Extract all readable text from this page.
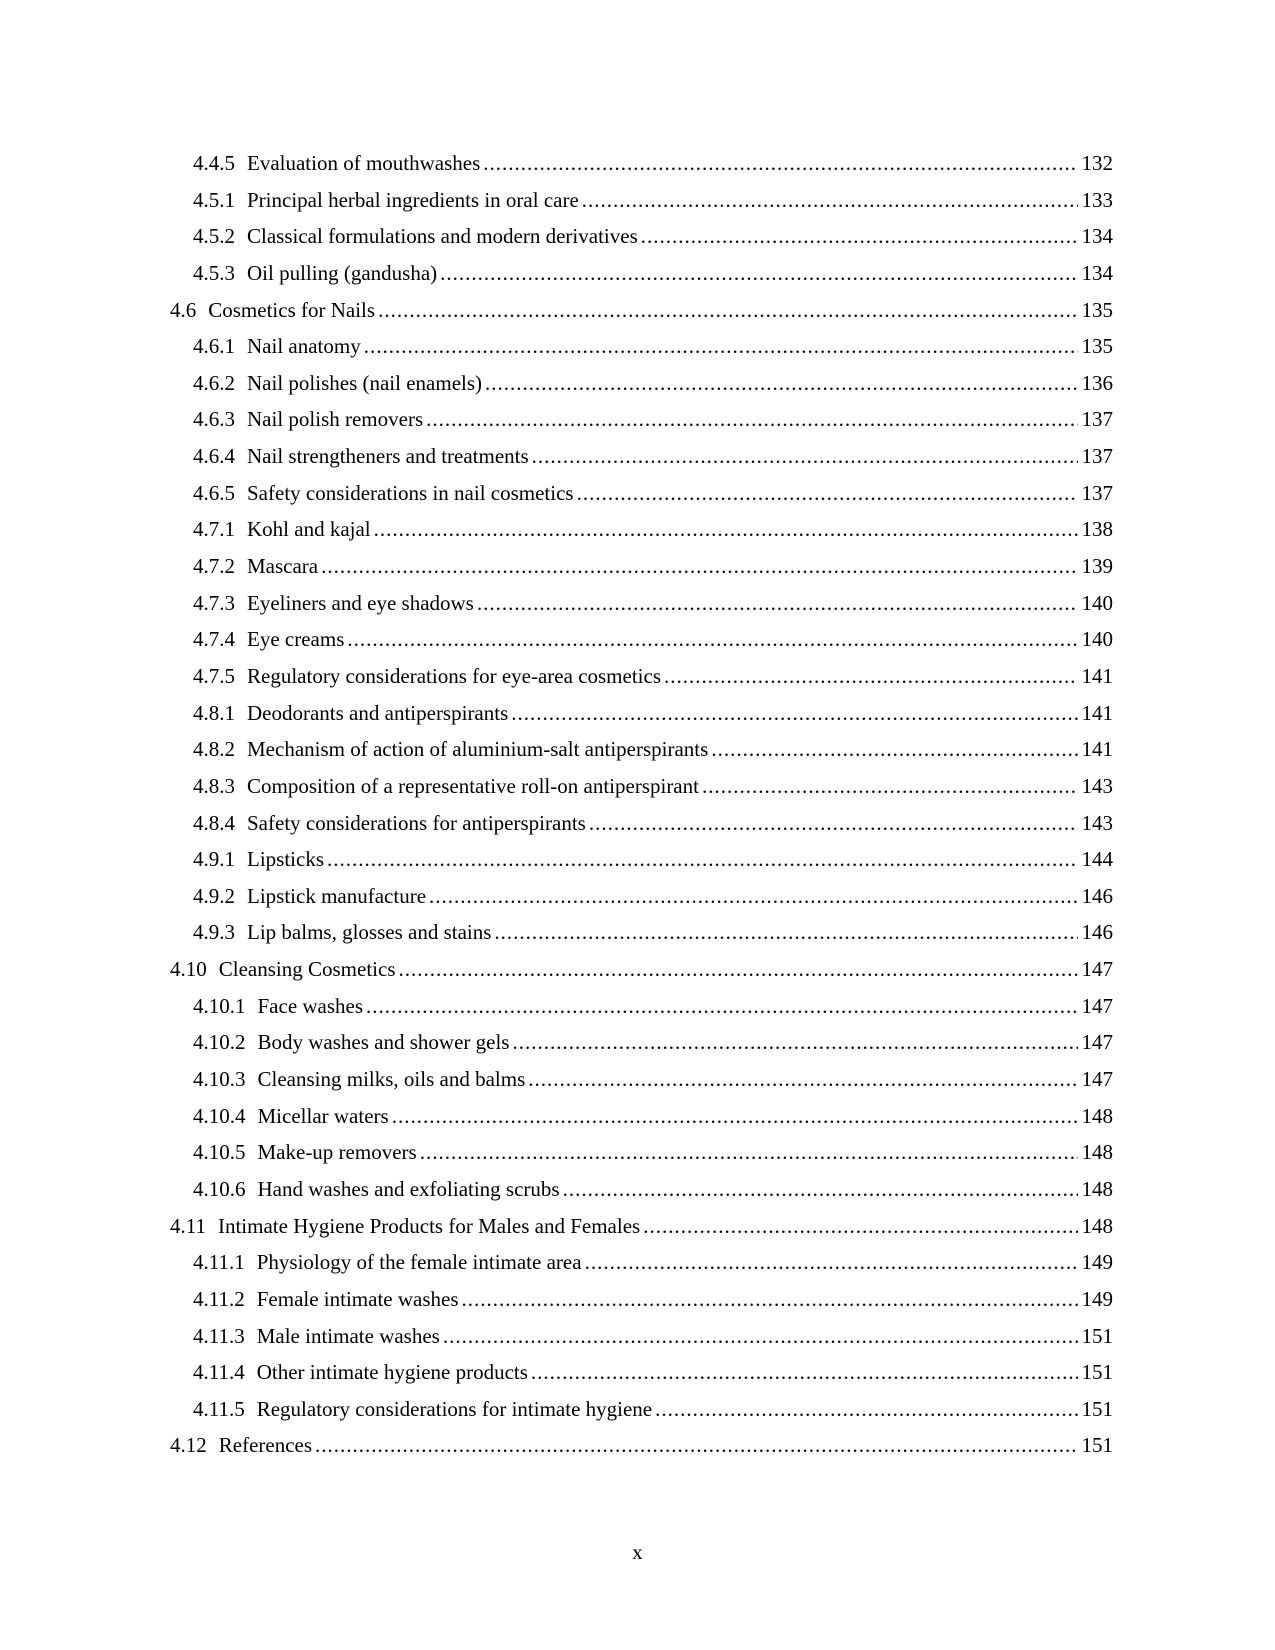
4.4.5 Evaluation of mouthwashes .....	132
4.5.1 Principal herbal ingredients in oral care .....	133
4.5.2 Classical formulations and modern derivatives .....	134
4.5.3 Oil pulling (gandusha) .....	134
4.6 Cosmetics for Nails .....	135
4.6.1 Nail anatomy .....	135
4.6.2 Nail polishes (nail enamels) .....	136
4.6.3 Nail polish removers .....	137
4.6.4 Nail strengtheners and treatments .....	137
4.6.5 Safety considerations in nail cosmetics .....	137
4.7.1 Kohl and kajal .....	138
4.7.2 Mascara .....	139
4.7.3 Eyeliners and eye shadows .....	140
4.7.4 Eye creams .....	140
4.7.5 Regulatory considerations for eye-area cosmetics .....	141
4.8.1 Deodorants and antiperspirants .....	141
4.8.2 Mechanism of action of aluminium-salt antiperspirants .....	141
4.8.3 Composition of a representative roll-on antiperspirant .....	143
4.8.4 Safety considerations for antiperspirants .....	143
4.9.1 Lipsticks .....	144
4.9.2 Lipstick manufacture .....	146
4.9.3 Lip balms, glosses and stains .....	146
4.10 Cleansing Cosmetics .....	147
4.10.1 Face washes .....	147
4.10.2 Body washes and shower gels .....	147
4.10.3 Cleansing milks, oils and balms .....	147
4.10.4 Micellar waters .....	148
4.10.5 Make-up removers .....	148
4.10.6 Hand washes and exfoliating scrubs .....	148
4.11 Intimate Hygiene Products for Males and Females .....	148
4.11.1 Physiology of the female intimate area .....	149
4.11.2 Female intimate washes .....	149
4.11.3 Male intimate washes .....	151
4.11.4 Other intimate hygiene products .....	151
4.11.5 Regulatory considerations for intimate hygiene .....	151
4.12 References .....	151
x
